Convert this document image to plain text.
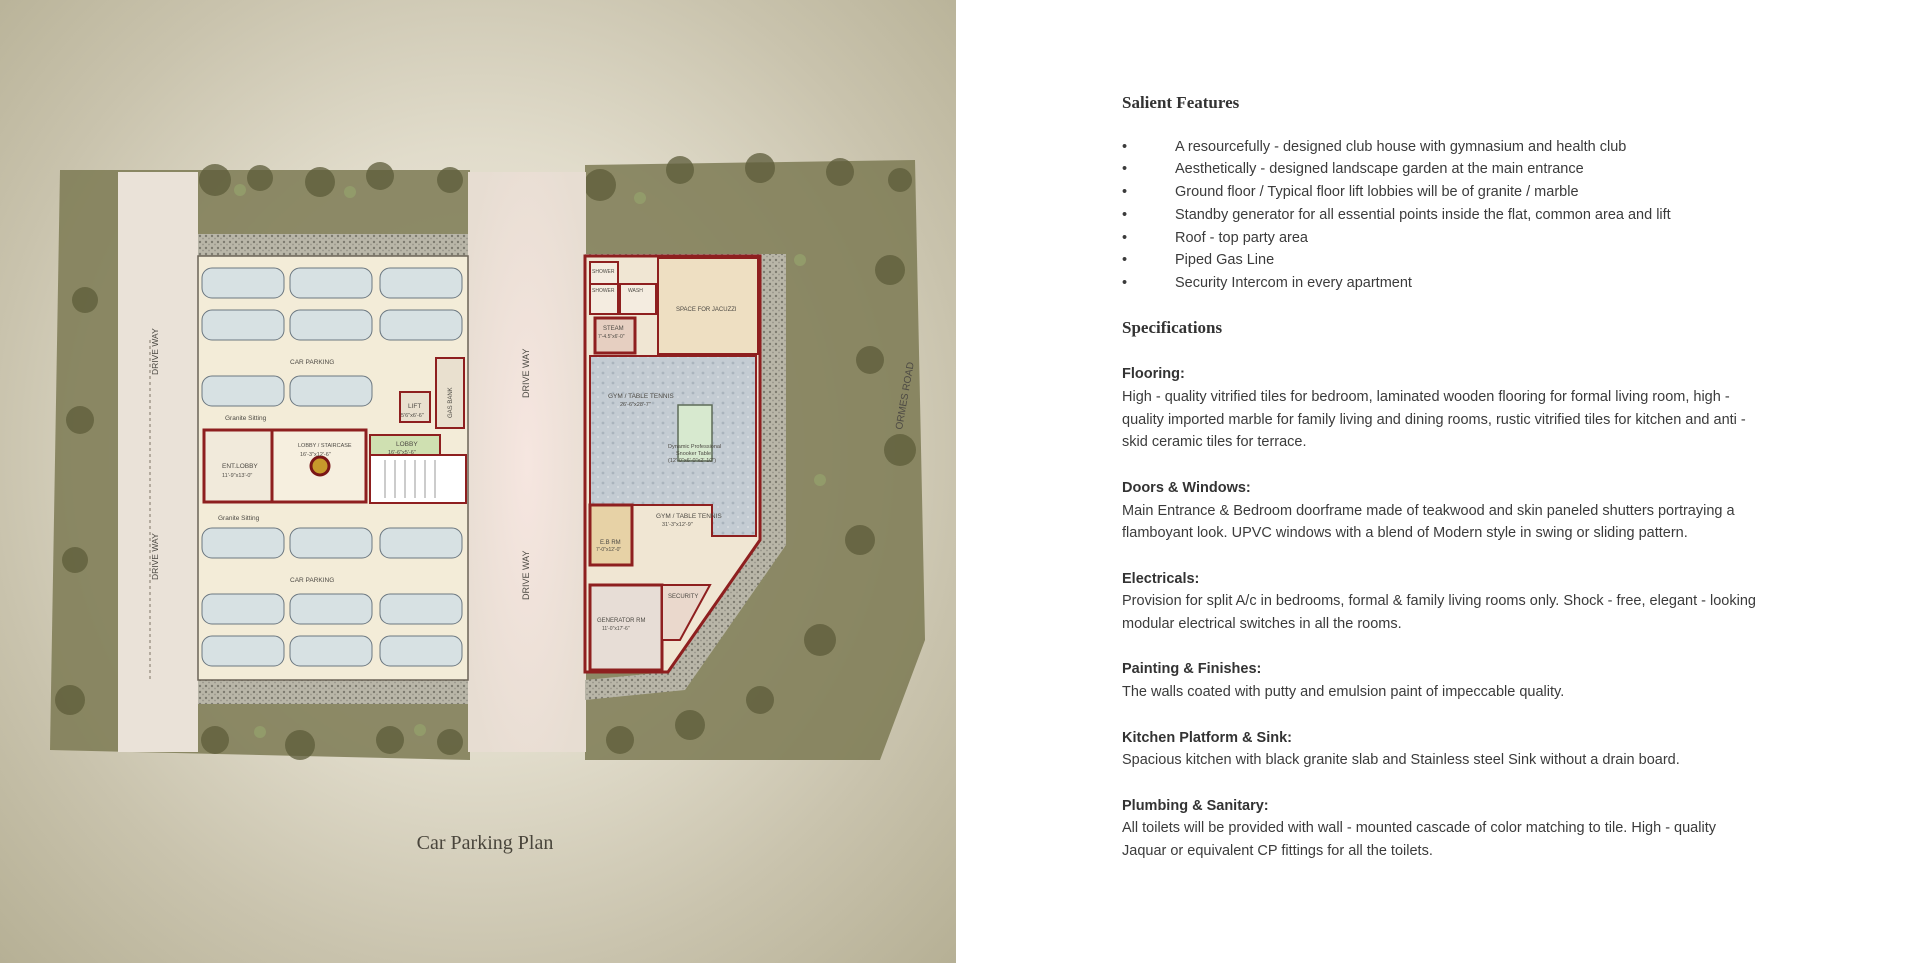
DRIVE WAY
DRIVE WAY
DRIVE WAY
DRIVE WAY
ORMES ROAD
CAR PARKING
CAR PARKING
Granite Sitting
Granite Sitting
LIFT
5'6"x6'-6"	GAS BANK
LOBBY / STAIRCASE
16'-3"x12'-6"
LOBBY
16'-6"x5'-6"
ENT.LOBBY
11'-9"x13'-0"
SHOWER
SHOWER	WASH
STEAM
7'-4.5"x6'-0"
SPACE FOR JACUZZI
GYM / TABLE TENNIS
26'-6"x28'-7"
Dynamic Professional
Snooker Table
(12'-0"x6'-0"x2'-10")
GYM / TABLE TENNIS
31'-3"x12'-9"
E.B RM
7'-0"x12'-0"
SECURITY
GENERATOR RM
11'-0"x17'-6"
Car Parking Plan
Salient Features
•	A resourcefully - designed club house with gymnasium and health club
•	Aesthetically - designed landscape garden at the main entrance
•	Ground floor / Typical floor lift lobbies will be of granite / marble
•	Standby generator for all essential points inside the flat, common area and lift
•	Roof - top party area
•	Piped Gas Line
•	Security Intercom in every apartment
Specifications
Flooring:

High - quality vitrified tiles for bedroom, laminated wooden flooring for formal living room, high - quality imported marble for family living and dining rooms, rustic vitrified tiles for kitchen and anti - skid ceramic tiles for terrace.

Doors & Windows:

Main Entrance & Bedroom doorframe made of teakwood and skin paneled shutters portraying a flamboyant look. UPVC windows with a blend of Modern style in swing or sliding pattern.

Electricals:

Provision for split A/c in bedrooms, formal & family living rooms only. Shock - free, elegant - looking modular electrical switches in all the rooms.

Painting & Finishes:

The walls coated with putty and emulsion paint of impeccable quality.

Kitchen Platform & Sink:

Spacious kitchen with black granite slab and Stainless steel Sink without a drain board.

Plumbing & Sanitary:

All toilets will be provided with wall - mounted cascade of color matching to tile. High - quality Jaquar or equivalent CP fittings for all the toilets.
